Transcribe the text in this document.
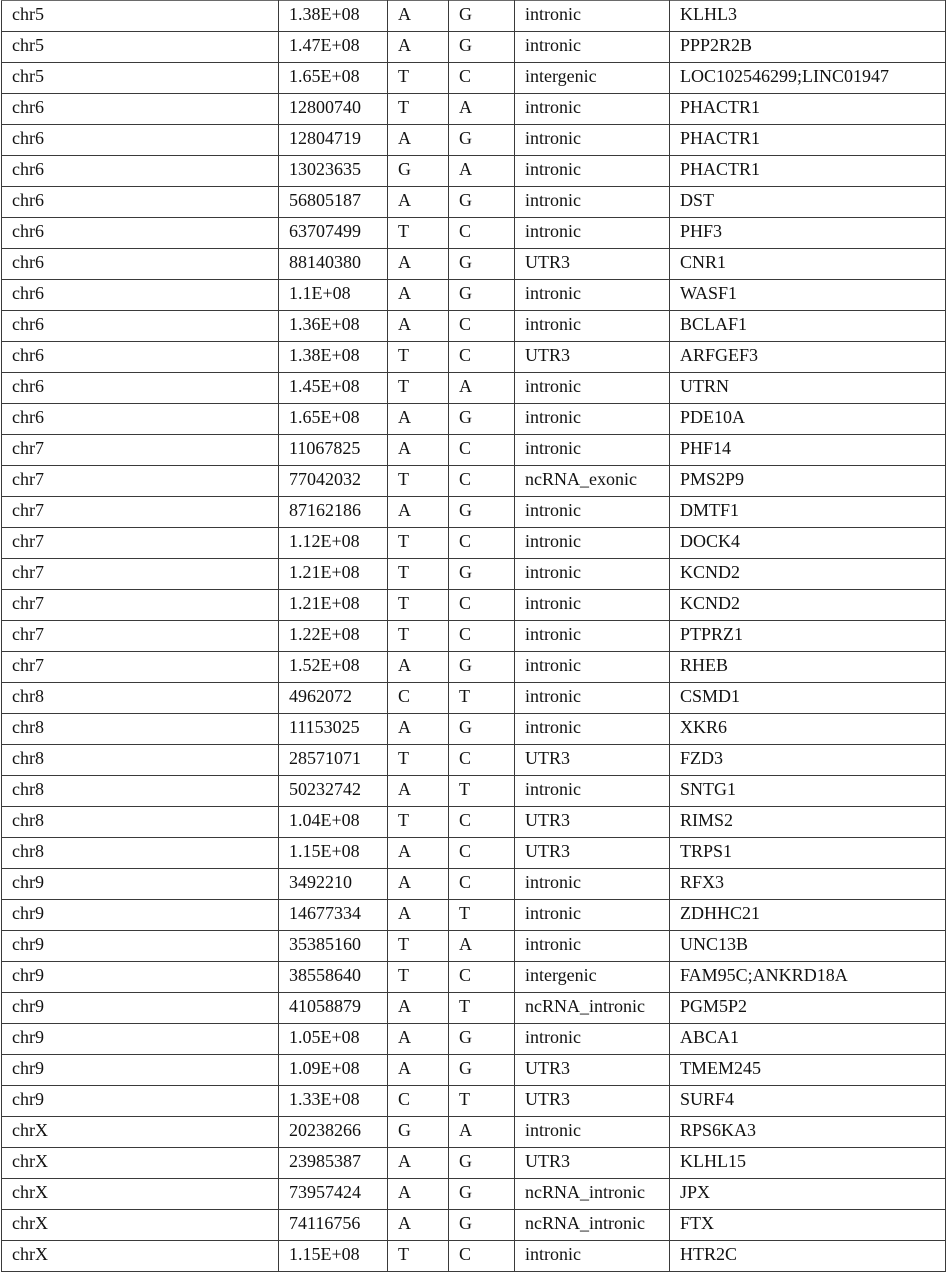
chr5	1.38E+08	A	G	intronic	KLHL3
chr5	1.47E+08	A	G	intronic	PPP2R2B
chr5	1.65E+08	T	C	intergenic	LOC102546299;LINC01947
chr6	12800740	T	A	intronic	PHACTR1
chr6	12804719	A	G	intronic	PHACTR1
chr6	13023635	G	A	intronic	PHACTR1
chr6	56805187	A	G	intronic	DST
chr6	63707499	T	C	intronic	PHF3
chr6	88140380	A	G	UTR3	CNR1
chr6	1.1E+08	A	G	intronic	WASF1
chr6	1.36E+08	A	C	intronic	BCLAF1
chr6	1.38E+08	T	C	UTR3	ARFGEF3
chr6	1.45E+08	T	A	intronic	UTRN
chr6	1.65E+08	A	G	intronic	PDE10A
chr7	11067825	A	C	intronic	PHF14
chr7	77042032	T	C	ncRNA_exonic	PMS2P9
chr7	87162186	A	G	intronic	DMTF1
chr7	1.12E+08	T	C	intronic	DOCK4
chr7	1.21E+08	T	G	intronic	KCND2
chr7	1.21E+08	T	C	intronic	KCND2
chr7	1.22E+08	T	C	intronic	PTPRZ1
chr7	1.52E+08	A	G	intronic	RHEB
chr8	4962072	C	T	intronic	CSMD1
chr8	11153025	A	G	intronic	XKR6
chr8	28571071	T	C	UTR3	FZD3
chr8	50232742	A	T	intronic	SNTG1
chr8	1.04E+08	T	C	UTR3	RIMS2
chr8	1.15E+08	A	C	UTR3	TRPS1
chr9	3492210	A	C	intronic	RFX3
chr9	14677334	A	T	intronic	ZDHHC21
chr9	35385160	T	A	intronic	UNC13B
chr9	38558640	T	C	intergenic	FAM95C;ANKRD18A
chr9	41058879	A	T	ncRNA_intronic	PGM5P2
chr9	1.05E+08	A	G	intronic	ABCA1
chr9	1.09E+08	A	G	UTR3	TMEM245
chr9	1.33E+08	C	T	UTR3	SURF4
chrX	20238266	G	A	intronic	RPS6KA3
chrX	23985387	A	G	UTR3	KLHL15
chrX	73957424	A	G	ncRNA_intronic	JPX
chrX	74116756	A	G	ncRNA_intronic	FTX
chrX	1.15E+08	T	C	intronic	HTR2C
